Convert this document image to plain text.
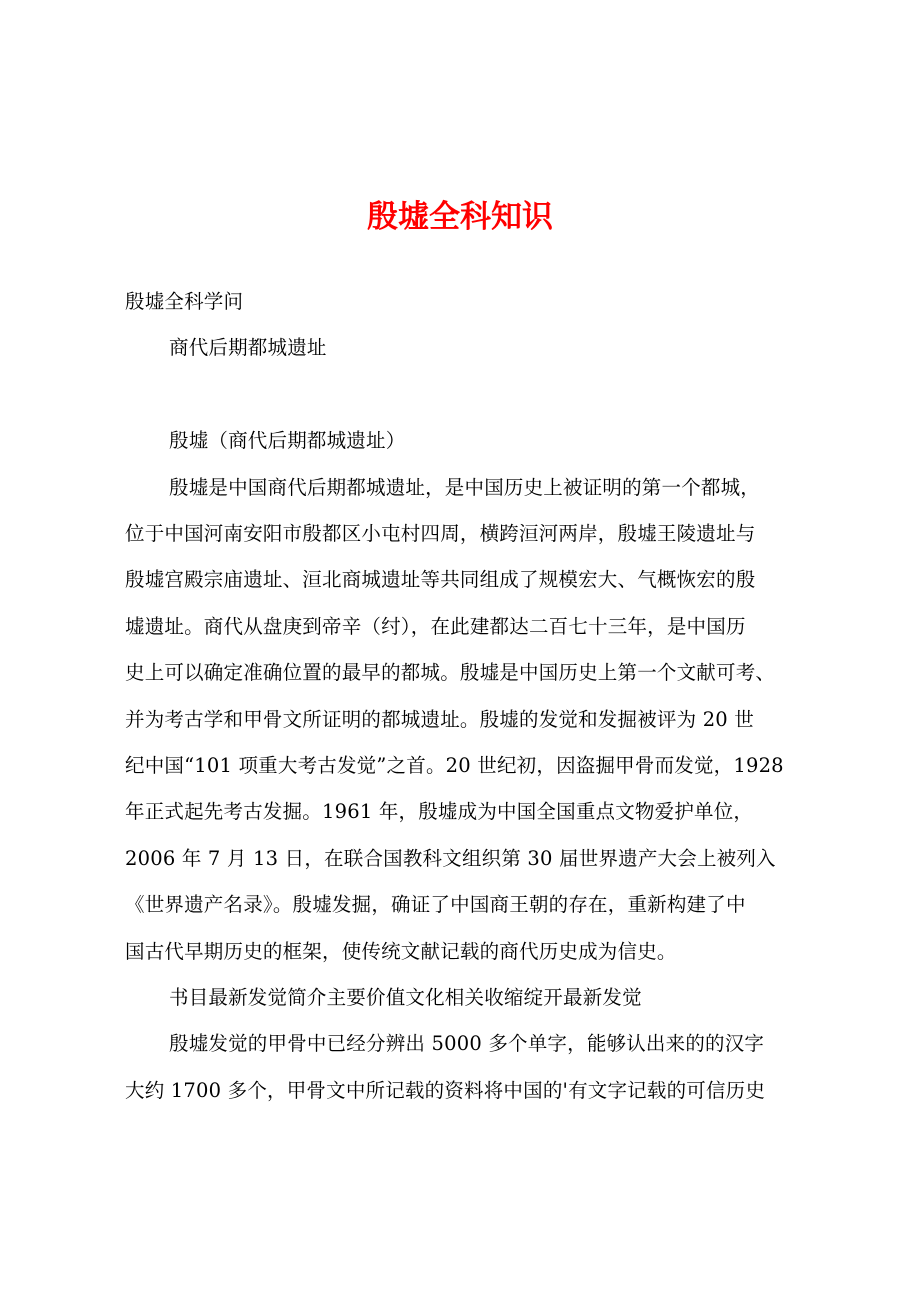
殷墟全科知识

殷墟全科学问

商代后期都城遗址

殷墟（商代后期都城遗址）

殷墟是中国商代后期都城遗址，是中国历史上被证明的第一个都城，

位于中国河南安阳市殷都区小屯村四周，横跨洹河两岸，殷墟王陵遗址与

殷墟宫殿宗庙遗址、洹北商城遗址等共同组成了规模宏大、气概恢宏的殷

墟遗址。商代从盘庚到帝辛（纣），在此建都达二百七十三年，是中国历

史上可以确定准确位置的最早的都城。殷墟是中国历史上第一个文献可考、

并为考古学和甲骨文所证明的都城遗址。殷墟的发觉和发掘被评为 20 世

纪中国“101 项重大考古发觉”之首。20 世纪初，因盗掘甲骨而发觉，1928

年正式起先考古发掘。1961 年，殷墟成为中国全国重点文物爱护单位，

2006 年 7 月 13 日，在联合国教科文组织第 30 届世界遗产大会上被列入

《世界遗产名录》。殷墟发掘，确证了中国商王朝的存在，重新构建了中

国古代早期历史的框架，使传统文献记载的商代历史成为信史。

书目最新发觉简介主要价值文化相关收缩绽开最新发觉

殷墟发觉的甲骨中已经分辨出 5000 多个单字，能够认出来的的汉字

大约 1700 多个，甲骨文中所记载的资料将中国的'有文字记载的可信历史
